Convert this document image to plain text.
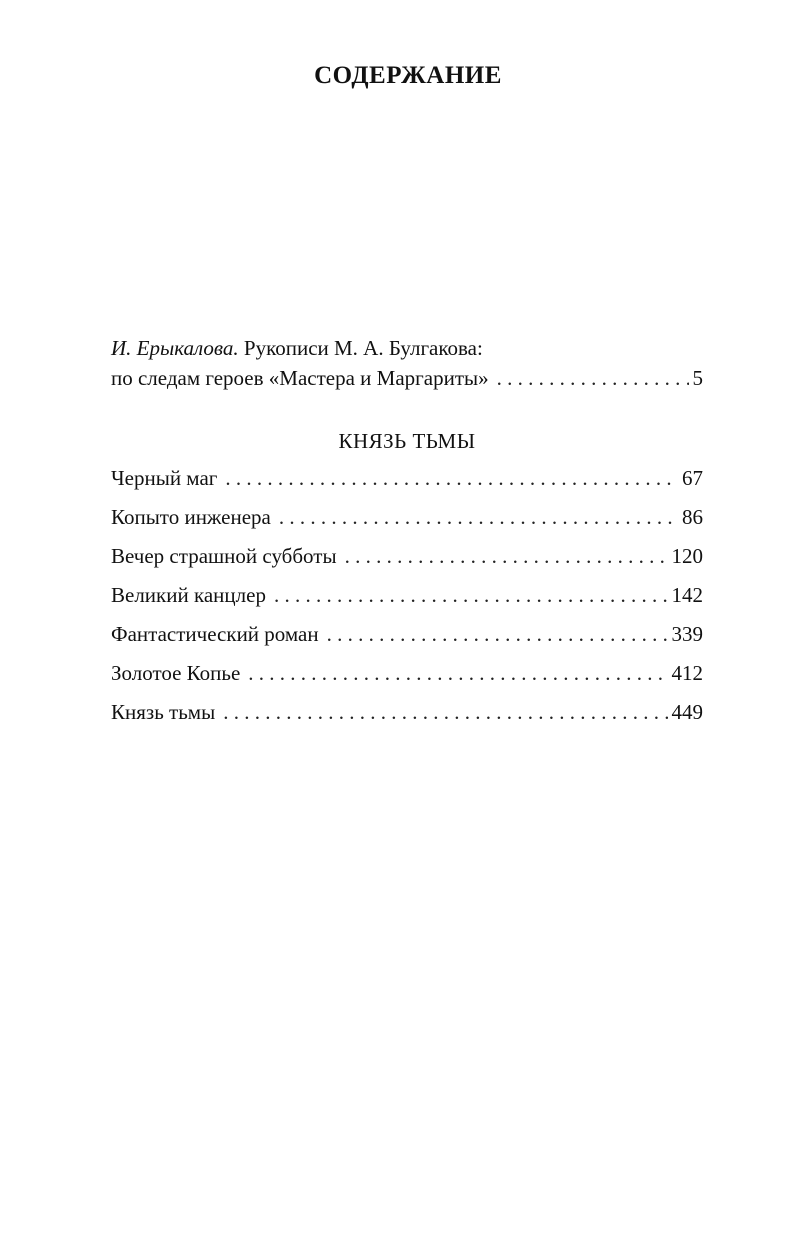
СОДЕРЖАНИЕ
И. Ерыкалова. Рукописи М. А. Булгакова:
по следам героев «Мастера и Маргариты» . . .	5
КНЯЗЬ ТЬМЫ
Черный маг . . .	67
Копыто инженера . . .	86
Вечер страшной субботы . . .	120
Великий канцлер . . .	142
Фантастический роман . . .	339
Золотое Копье . . .	412
Князь тьмы . . .	449
